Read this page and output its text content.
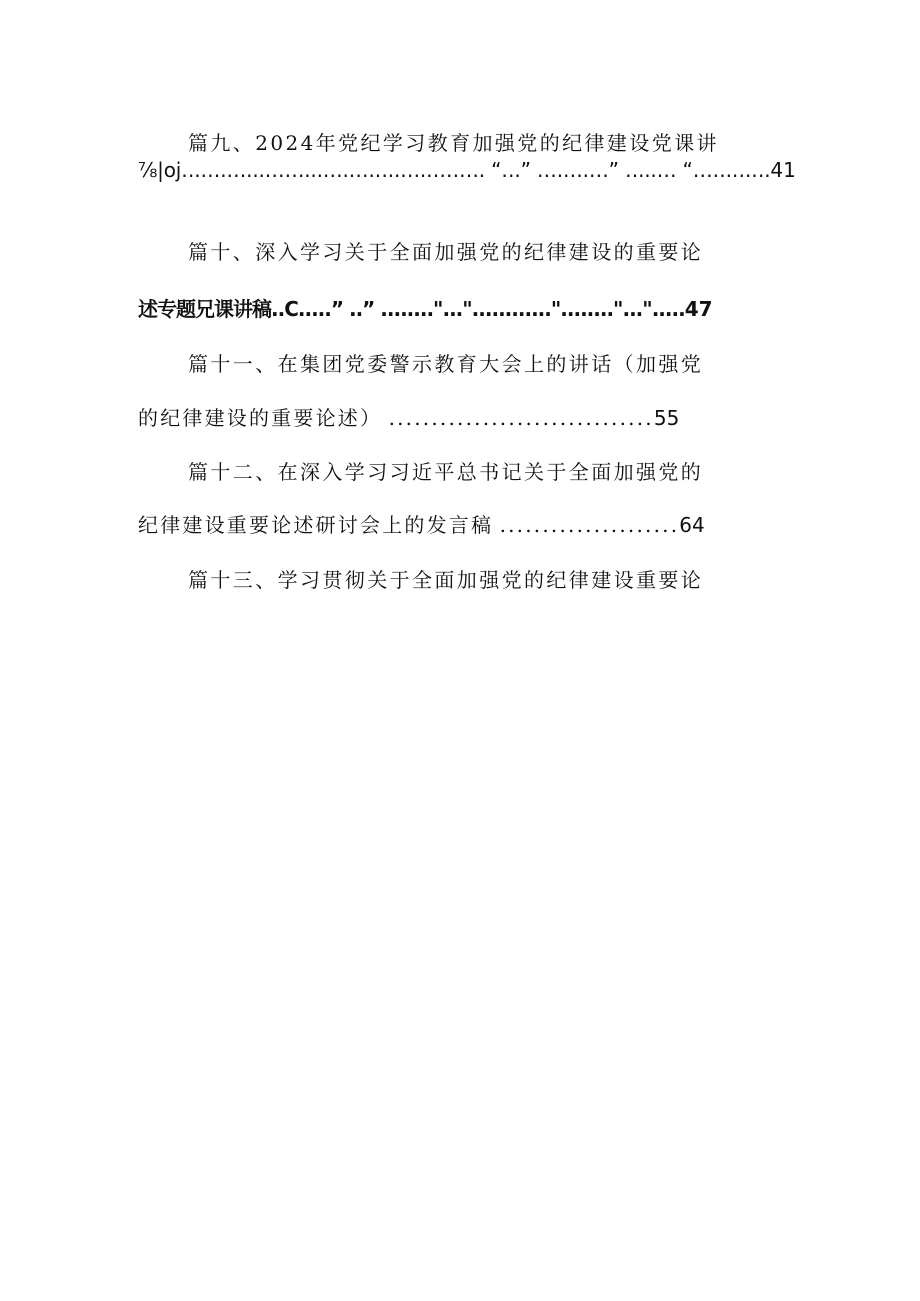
篇九、2024年党纪学习教育加强党的纪律建设党课讲
⅞|oj‥.….…...……...….….‥..….…‥…. “‥.” ….….…” ‥...… “…‥.‥.‥.41
篇十、深入学习关于全面加强党的纪律建设的重要论
述专题兄课讲稿..C.....” ..” ........"..."............"........"...".....47
篇十一、在集团党委警示教育大会上的讲话（加强党
的纪律建设的重要论述） ...............................55
篇十二、在深入学习习近平总书记关于全面加强党的
纪律建设重要论述研讨会上的发言稿 .....................64
篇十三、学习贯彻关于全面加强党的纪律建设重要论
